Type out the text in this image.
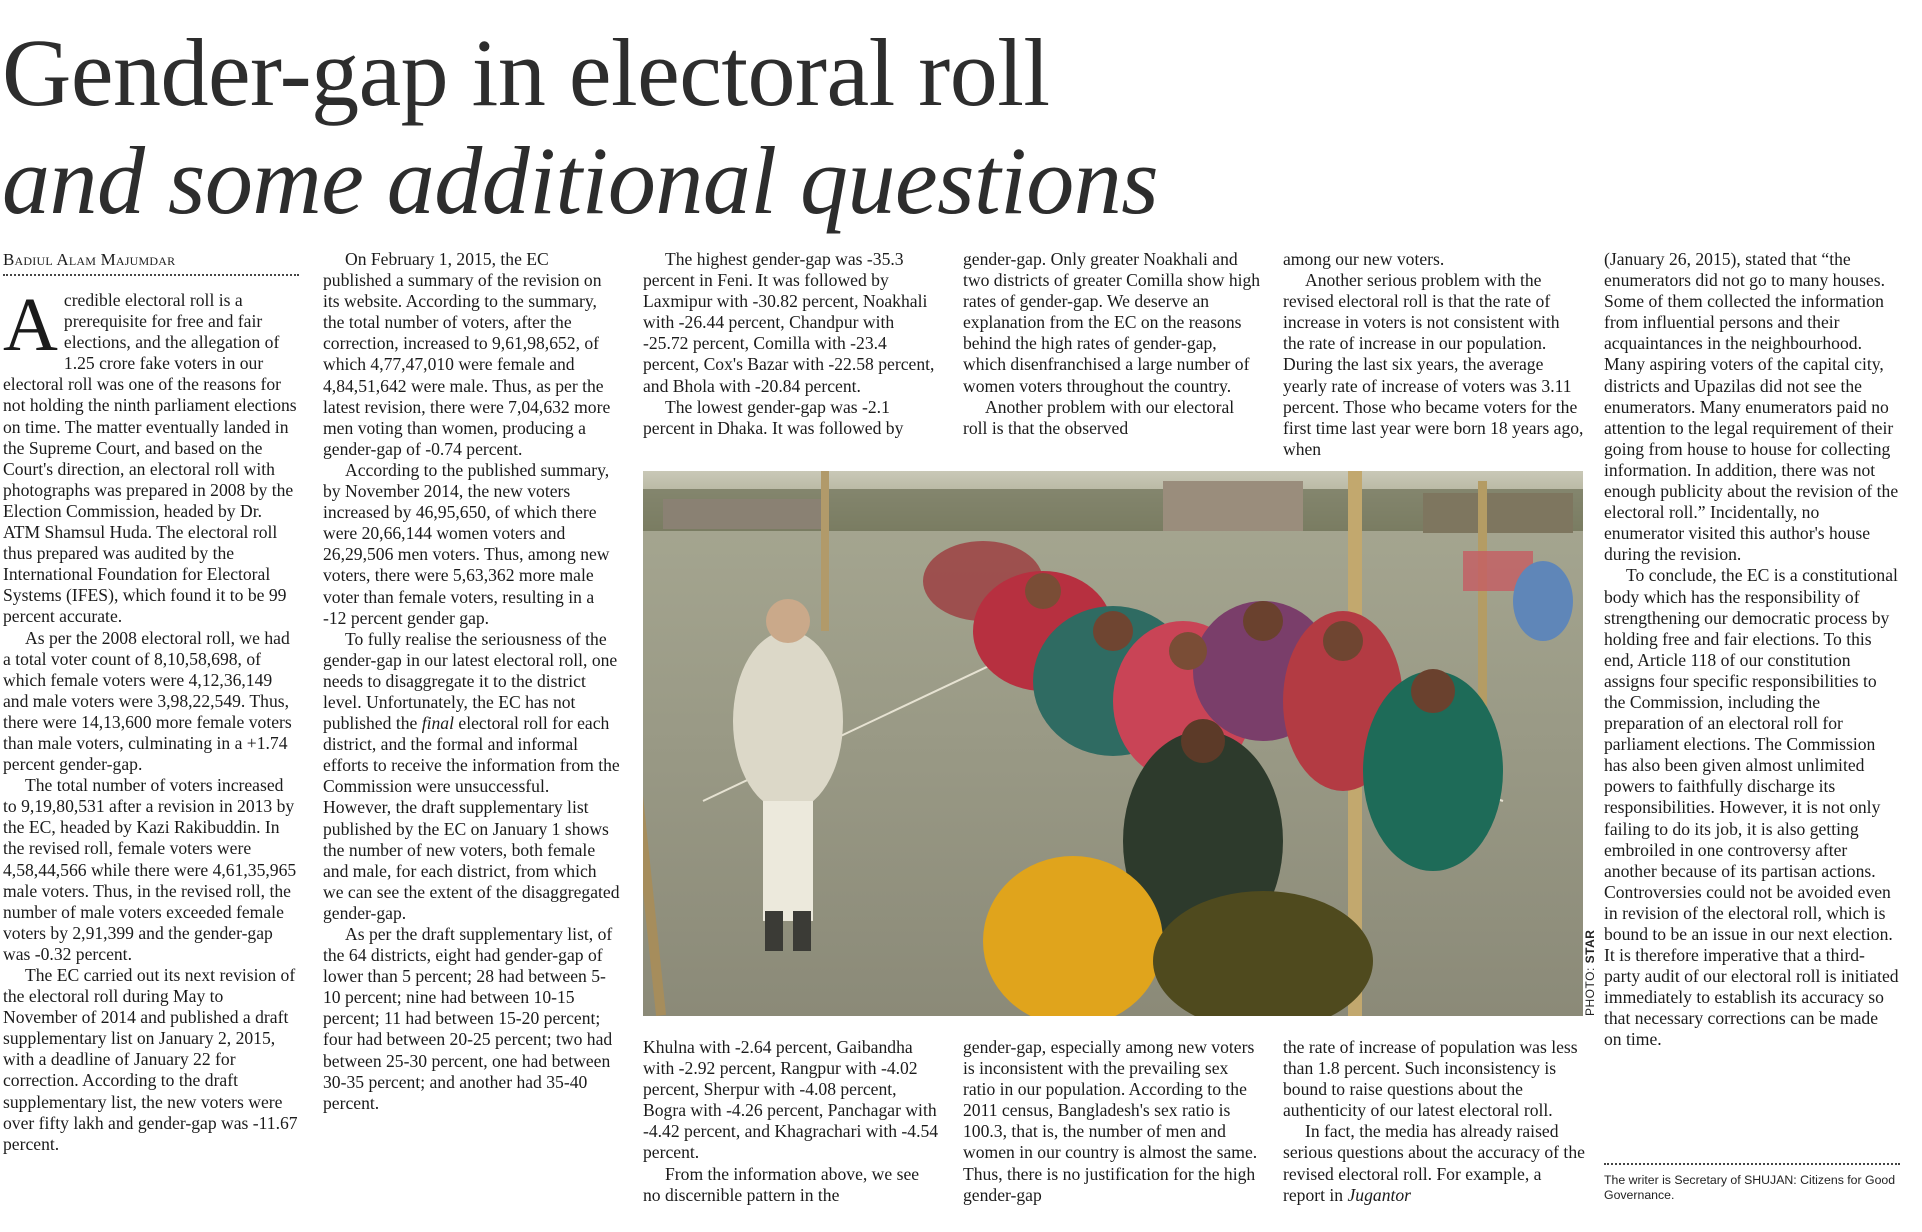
Gender-gap in electoral roll
and some additional questions
Badiul Alam Majumdar

Acredible electoral roll is a prerequisite for free and fair elections, and the allegation of 1.25 crore fake voters in our electoral roll was one of the reasons for not holding the ninth parliament elections on time. The matter eventually landed in the Supreme Court, and based on the Court's direction, an electoral roll with photographs was prepared in 2008 by the Election Commission, headed by Dr. ATM Shamsul Huda. The electoral roll thus prepared was audited by the International Foundation for Electoral Systems (IFES), which found it to be 99 percent accurate.

As per the 2008 electoral roll, we had a total voter count of 8,10,58,698, of which female voters were 4,12,36,149 and male voters were 3,98,22,549. Thus, there were 14,13,600 more female voters than male voters, culminating in a +1.74 percent gender-gap.

The total number of voters increased to 9,19,80,531 after a revision in 2013 by the EC, headed by Kazi Rakibuddin. In the revised roll, female voters were 4,58,44,566 while there were 4,61,35,965 male voters. Thus, in the revised roll, the number of male voters exceeded female voters by 2,91,399 and the gender-gap was -0.32 percent.

The EC carried out its next revision of the electoral roll during May to November of 2014 and published a draft supplementary list on January 2, 2015, with a deadline of January 22 for correction. According to the draft supplementary list, the new voters were over fifty lakh and gender-gap was -11.67 percent.

On February 1, 2015, the EC published a summary of the revision on its website. According to the summary, the total number of voters, after the correction, increased to 9,61,98,652, of which 4,77,47,010 were female and 4,84,51,642 were male. Thus, as per the latest revision, there were 7,04,632 more men voting than women, producing a gender-gap of -0.74 percent.

According to the published summary, by November 2014, the new voters increased by 46,95,650, of which there were 20,66,144 women voters and 26,29,506 men voters. Thus, among new voters, there were 5,63,362 more male voter than female voters, resulting in a -12 percent gender gap.

To fully realise the seriousness of the gender-gap in our latest electoral roll, one needs to disaggregate it to the district level. Unfortunately, the EC has not published the final electoral roll for each district, and the formal and informal efforts to receive the information from the Commission were unsuccessful. However, the draft supplementary list published by the EC on January 1 shows the number of new voters, both female and male, for each district, from which we can see the extent of the disaggregated gender-gap.

As per the draft supplementary list, of the 64 districts, eight had gender-gap of lower than 5 percent; 28 had between 5-10 percent; nine had between 10-15 percent; 11 had between 15-20 percent; four had between 20-25 percent; two had between 25-30 percent, one had between 30-35 percent; and another had 35-40 percent.

The highest gender-gap was -35.3 percent in Feni. It was followed by Laxmipur with -30.82 percent, Noakhali with -26.44 percent, Chandpur with -25.72 percent, Comilla with -23.4 percent, Cox's Bazar with -22.58 percent, and Bhola with -20.84 percent.

The lowest gender-gap was -2.1 percent in Dhaka. It was followed by

gender-gap. Only greater Noakhali and two districts of greater Comilla show high rates of gender-gap. We deserve an explanation from the EC on the reasons behind the high rates of gender-gap, which disenfranchised a large number of women voters throughout the country.

Another problem with our electoral roll is that the observed

among our new voters.

Another serious problem with the revised electoral roll is that the rate of increase in voters is not consistent with the rate of increase in our population. During the last six years, the average yearly rate of increase of voters was 3.11 percent. Those who became voters for the first time last year were born 18 years ago, when

(January 26, 2015), stated that “the enumerators did not go to many houses. Some of them collected the information from influential persons and their acquaintances in the neighbourhood. Many aspiring voters of the capital city, districts and Upazilas did not see the enumerators. Many enumerators paid no attention to the legal requirement of their going from house to house for collecting information. In addition, there was not enough publicity about the revision of the electoral roll.” Incidentally, no enumerator visited this author's house during the revision.

To conclude, the EC is a constitutional body which has the responsibility of strengthening our democratic process by holding free and fair elections. To this end, Article 118 of our constitution assigns four specific responsibilities to the Commission, including the preparation of an electoral roll for parliament elections. The Commission has also been given almost unlimited powers to faithfully discharge its responsibilities. However, it is not only failing to do its job, it is also getting embroiled in one controversy after another because of its partisan actions. Controversies could not be avoided even in revision of the electoral roll, which is bound to be an issue in our next election. It is therefore imperative that a third-party audit of our electoral roll is initiated immediately to establish its accuracy so that necessary corrections can be made on time.

PHOTO: STAR

Khulna with -2.64 percent, Gaibandha with -2.92 percent, Rangpur with -4.02 percent, Sherpur with -4.08 percent, Bogra with -4.26 percent, Panchagar with -4.42 percent, and Khagrachari with -4.54 percent.

From the information above, we see no discernible pattern in the

gender-gap, especially among new voters is inconsistent with the prevailing sex ratio in our population. According to the 2011 census, Bangladesh's sex ratio is 100.3, that is, the number of men and women in our country is almost the same. Thus, there is no justification for the high gender-gap

the rate of increase of population was less than 1.8 percent. Such inconsistency is bound to raise questions about the authenticity of our latest electoral roll.

In fact, the media has already raised serious questions about the accuracy of the revised electoral roll. For example, a report in Jugantor

The writer is Secretary of SHUJAN: Citizens for Good Governance.
